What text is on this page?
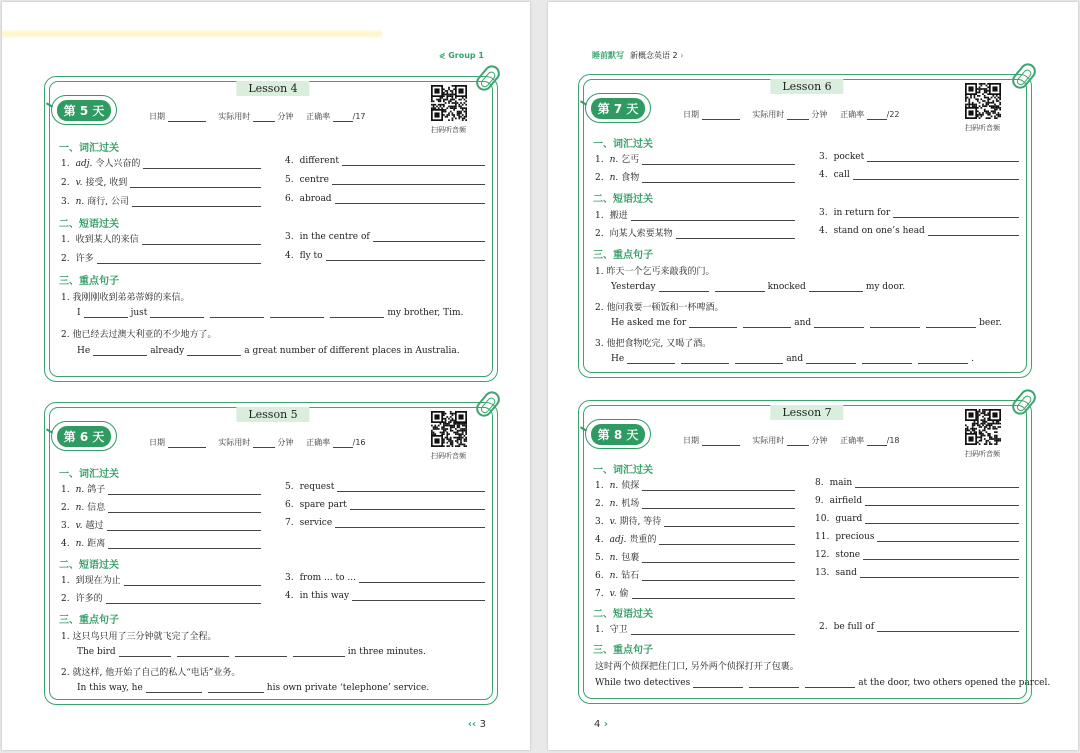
⋞ Group 1
第 5 天
Lesson 4
日期	实际用时	分钟 正确率	/17
扫码听音频
一、词汇过关
1. adj. 令人兴奋的
2. v. 接受, 收到
3. n. 商行, 公司
4. different
5. centre
6. abroad
二、短语过关
1. 收到某人的来信
2. 许多
3. in the centre of
4. fly to
三、重点句子
1. 我刚刚收到弟弟蒂姆的来信。
I	just	my brother, Tim.
2. 他已经去过澳大利亚的不少地方了。
He	already	a great number of different places in Australia.
第 6 天
Lesson 5
日期	实际用时	分钟 正确率	/16
扫码听音频
一、词汇过关
1. n. 鸽子
2. n. 信息
3. v. 越过
4. n. 距离
5. request
6. spare part
7. service
二、短语过关
1. 到现在为止
2. 许多的
3. from ... to ...
4. in this way
三、重点句子
1. 这只鸟只用了三分钟就飞完了全程。
The bird	in three minutes.
2. 就这样, 他开始了自己的私人“电话”业务。
In this way, he	his own private ‘telephone’ service.
‹‹ 3
睡前默写 新概念英语 2 ›
第 7 天
Lesson 6
日期	实际用时	分钟 正确率	/22
扫码听音频
一、词汇过关
1. n. 乞丐
2. n. 食物
3. pocket
4. call
二、短语过关
1. 搬进
2. 向某人索要某物
3. in return for
4. stand on one’s head
三、重点句子
1. 昨天一个乞丐来敲我的门。
Yesterday	knocked	my door.
2. 他问我要一顿饭和一杯啤酒。
He asked me for	and	beer.
3. 他把食物吃完, 又喝了酒。
He	and	.
第 8 天
Lesson 7
日期	实际用时	分钟 正确率	/18
扫码听音频
一、词汇过关
1. n. 侦探
2. n. 机场
3. v. 期待, 等待
4. adj. 贵重的
5. n. 包裹
6. n. 钻石
7. v. 偷
8. main
9. airfield
10. guard
11. precious
12. stone
13. sand
二、短语过关
1. 守卫	2. be full of
三、重点句子
这时两个侦探把住门口, 另外两个侦探打开了包裹。
While two detectives	at the door, two others opened the parcel.
4 ›
